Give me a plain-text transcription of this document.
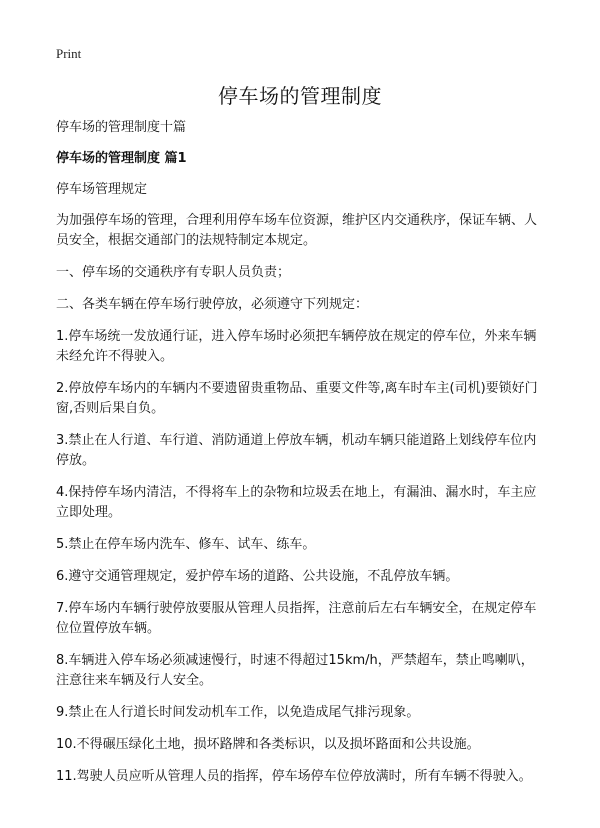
Print
停车场的管理制度

停车场的管理制度十篇

停车场的管理制度 篇1

停车场管理规定

为加强停车场的管理，合理利用停车场车位资源，维护区内交通秩序，保证车辆、人员安全，根据交通部门的法规特制定本规定。

一、停车场的交通秩序有专职人员负责；

二、各类车辆在停车场行驶停放，必须遵守下列规定：

1.停车场统一发放通行证，进入停车场时必须把车辆停放在规定的停车位，外来车辆未经允许不得驶入。

2.停放停车场内的车辆内不要遗留贵重物品、重要文件等,离车时车主(司机)要锁好门窗,否则后果自负。

3.禁止在人行道、车行道、消防通道上停放车辆，机动车辆只能道路上划线停车位内停放。

4.保持停车场内清洁，不得将车上的杂物和垃圾丢在地上，有漏油、漏水时，车主应立即处理。

5.禁止在停车场内洗车、修车、试车、练车。

6.遵守交通管理规定，爱护停车场的道路、公共设施，不乱停放车辆。

7.停车场内车辆行驶停放要服从管理人员指挥，注意前后左右车辆安全，在规定停车位位置停放车辆。

8.车辆进入停车场必须减速慢行，时速不得超过15km/h，严禁超车，禁止鸣喇叭，注意往来车辆及行人安全。

9.禁止在人行道长时间发动机车工作，以免造成尾气排污现象。

10.不得碾压绿化土地，损坏路牌和各类标识，以及损坏路面和公共设施。

11.驾驶人员应听从管理人员的指挥，停车场停车位停放满时，所有车辆不得驶入。
